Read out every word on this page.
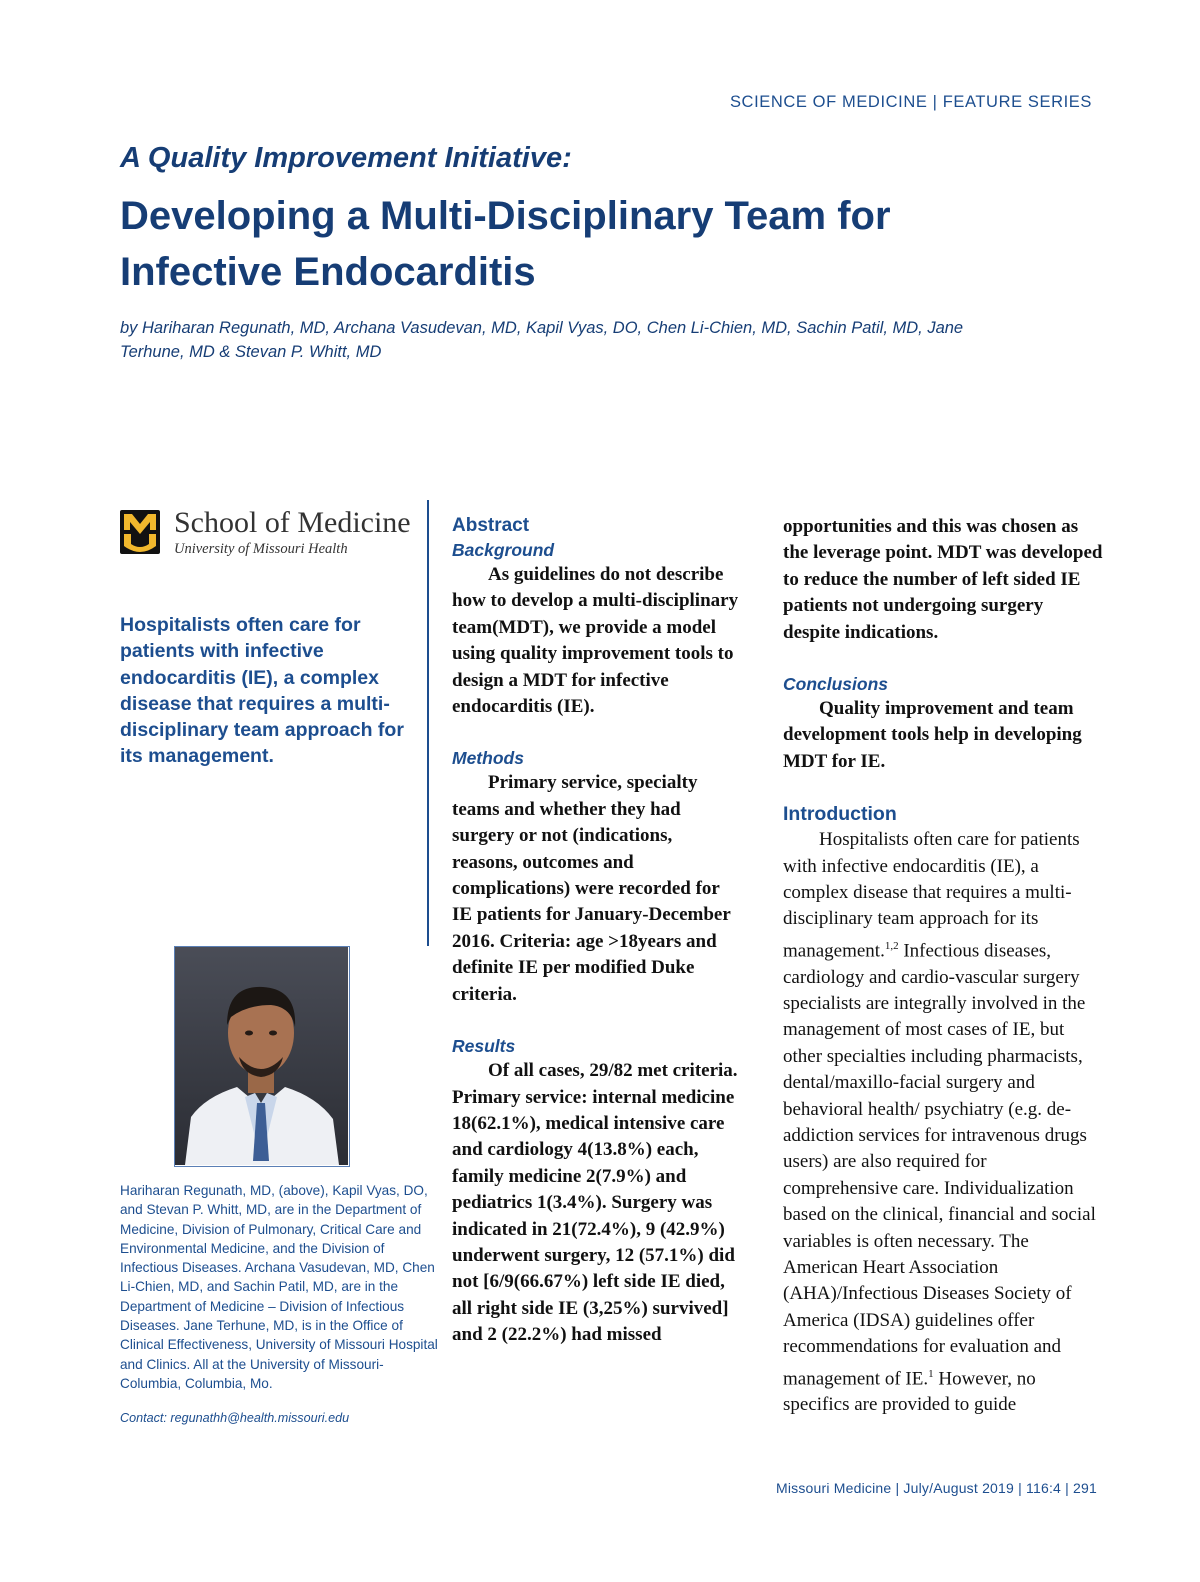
SCIENCE OF MEDICINE | FEATURE SERIES
A Quality Improvement Initiative:
Developing a Multi-Disciplinary Team for Infective Endocarditis
by Hariharan Regunath, MD, Archana Vasudevan, MD, Kapil Vyas, DO, Chen Li-Chien, MD, Sachin Patil, MD, Jane Terhune, MD & Stevan P. Whitt, MD
School of Medicine
University of Missouri Health

Hospitalists often care for patients with infective endocarditis (IE), a complex disease that requires a multi-disciplinary team approach for its management.

Hariharan Regunath, MD, (above), Kapil Vyas, DO, and Stevan P. Whitt, MD, are in the Department of Medicine, Division of Pulmonary, Critical Care and Environmental Medicine, and the Division of Infectious Diseases. Archana Vasudevan, MD, Chen Li-Chien, MD, and Sachin Patil, MD, are in the Department of Medicine – Division of Infectious Diseases. Jane Terhune, MD, is in the Office of Clinical Effectiveness, University of Missouri Hospital and Clinics. All at the University of Missouri-Columbia, Columbia, Mo.
Contact: regunathh@health.missouri.edu
Abstract
Background

As guidelines do not describe how to develop a multi-disciplinary team(MDT), we provide a model using quality improvement tools to design a MDT for infective endocarditis (IE).

Methods

Primary service, specialty teams and whether they had surgery or not (indications, reasons, outcomes and complications) were recorded for IE patients for January-December 2016. Criteria: age >18years and definite IE per modified Duke criteria.

Results

Of all cases, 29/82 met criteria. Primary service: internal medicine 18(62.1%), medical intensive care and cardiology 4(13.8%) each, family medicine 2(7.9%) and pediatrics 1(3.4%). Surgery was indicated in 21(72.4%), 9 (42.9%) underwent surgery, 12 (57.1%) did not [6/9(66.67%) left side IE died, all right side IE (3,25%) survived] and 2 (22.2%) had missed

opportunities and this was chosen as the leverage point. MDT was developed to reduce the number of left sided IE patients not undergoing surgery despite indications.

Conclusions

Quality improvement and team development tools help in developing MDT for IE.

Introduction

Hospitalists often care for patients with infective endocarditis (IE), a complex disease that requires a multi-disciplinary team approach for its management.$^{1,2}$ Infectious diseases, cardiology and cardio-vascular surgery specialists are integrally involved in the management of most cases of IE, but other specialties including pharmacists, dental/maxillo-facial surgery and behavioral health/ psychiatry (e.g. de-addiction services for intravenous drugs users) are also required for comprehensive care. Individualization based on the clinical, financial and social variables is often necessary. The American Heart Association (AHA)/Infectious Diseases Society of America (IDSA) guidelines offer recommendations for evaluation and management of IE.$^1$ However, no specifics are provided to guide

Missouri Medicine | July/August 2019 | 116:4 | 291
